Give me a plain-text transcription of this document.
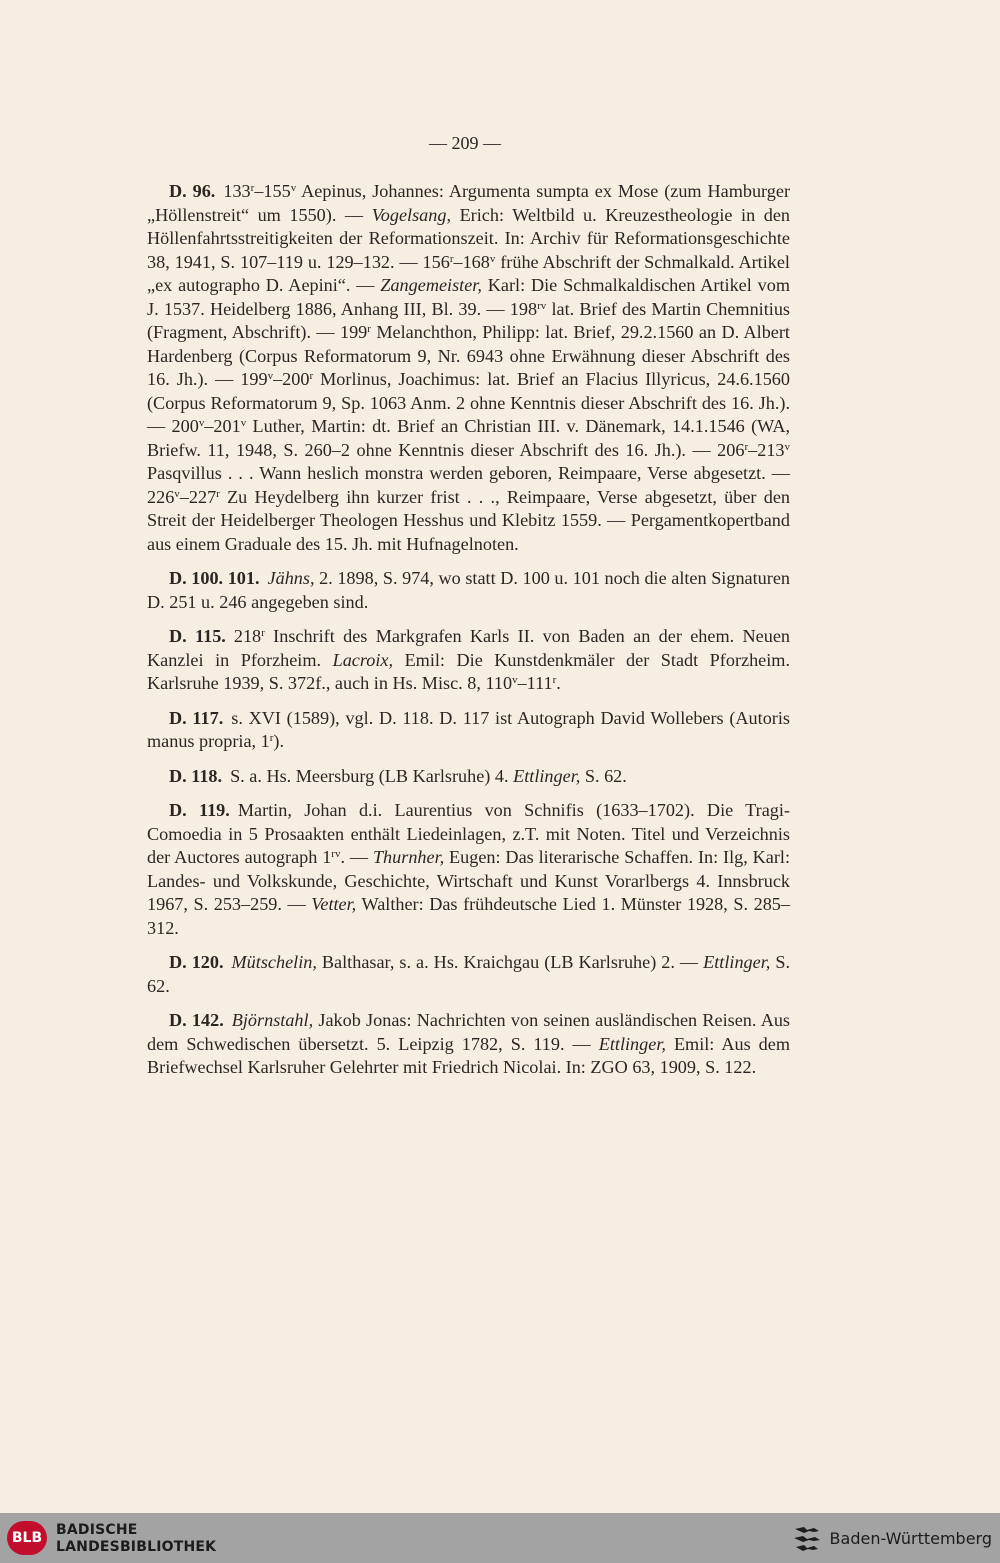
— 209 —

D. 96. 133$^r$–155$^v$ Aepinus, Johannes: Argumenta sumpta ex Mose (zum Hamburger „Höllenstreit“ um 1550). — Vogelsang, Erich: Weltbild u. Kreuzestheologie in den Höllenfahrtsstreitigkeiten der Reformationszeit. In: Archiv für Reformationsgeschichte 38, 1941, S. 107–119 u. 129–132. — 156$^r$–168$^v$ frühe Abschrift der Schmalkald. Artikel „ex autographo D. Aepini“. — Zangemeister, Karl: Die Schmalkaldischen Artikel vom J. 1537. Heidelberg 1886, Anhang III, Bl. 39. — $198^{rv}$ lat. Brief des Martin Chemnitius (Fragment, Abschrift). — 199$^r$ Melanchthon, Philipp: lat. Brief, 29.2.1560 an D. Albert Hardenberg (Corpus Reformatorum 9, Nr. 6943 ohne Erwähnung dieser Abschrift des 16. Jh.). — 199$^v$–200$^r$ Morlinus, Joachimus: lat. Brief an Flacius Illyricus, 24.6.1560 (Corpus Reformatorum 9, Sp. 1063 Anm. 2 ohne Kenntnis dieser Abschrift des 16. Jh.). — 200$^v$–201$^v$ Luther, Martin: dt. Brief an Christian III. v. Dänemark, 14.1.1546 (WA, Briefw. 11, 1948, S. 260–2 ohne Kenntnis dieser Abschrift des 16. Jh.). — 206$^r$–213$^v$ Pasqvillus . . . Wann heslich monstra werden geboren, Reimpaare, Verse abgesetzt. — 226$^v$–227$^r$ Zu Heydelberg ihn kurzer frist . . ., Reimpaare, Verse abgesetzt, über den Streit der Heidelberger Theologen Hesshus und Klebitz 1559. — Pergamentkopertband aus einem Graduale des 15. Jh. mit Hufnagelnoten.

D. 100. 101. Jähns, 2. 1898, S. 974, wo statt D. 100 u. 101 noch die alten Signaturen D. 251 u. 246 angegeben sind.

D. 115. 218$^r$ Inschrift des Markgrafen Karls II. von Baden an der ehem. Neuen Kanzlei in Pforzheim. Lacroix, Emil: Die Kunstdenkmäler der Stadt Pforzheim. Karlsruhe 1939, S. 372f., auch in Hs. Misc. 8, 110$^v$–111$^r$.

D. 117. s. XVI (1589), vgl. D. 118. D. 117 ist Autograph David Wollebers (Autoris manus propria, 1$^r$).

D. 118. S. a. Hs. Meersburg (LB Karlsruhe) 4. Ettlinger, S. 62.

D. 119. Martin, Johan d.i. Laurentius von Schnifis (1633–1702). Die Tragi-Comoedia in 5 Prosaakten enthält Liedeinlagen, z.T. mit Noten. Titel und Verzeichnis der Auctores autograph $1^{rv}$. — Thurnher, Eugen: Das literarische Schaffen. In: Ilg, Karl: Landes- und Volkskunde, Geschichte, Wirtschaft und Kunst Vorarlbergs 4. Innsbruck 1967, S. 253–259. — Vetter, Walther: Das frühdeutsche Lied 1. Münster 1928, S. 285–312.

D. 120. Mütschelin, Balthasar, s. a. Hs. Kraichgau (LB Karlsruhe) 2. — Ettlinger, S. 62.

D. 142. Björnstahl, Jakob Jonas: Nachrichten von seinen ausländischen Reisen. Aus dem Schwedischen übersetzt. 5. Leipzig 1782, S. 119. — Ettlinger, Emil: Aus dem Briefwechsel Karlsruher Gelehrter mit Friedrich Nicolai. In: ZGO 63, 1909, S. 122.

BLB BADISCHE
LANDESBIBLIOTHEK	Baden-Württemberg
